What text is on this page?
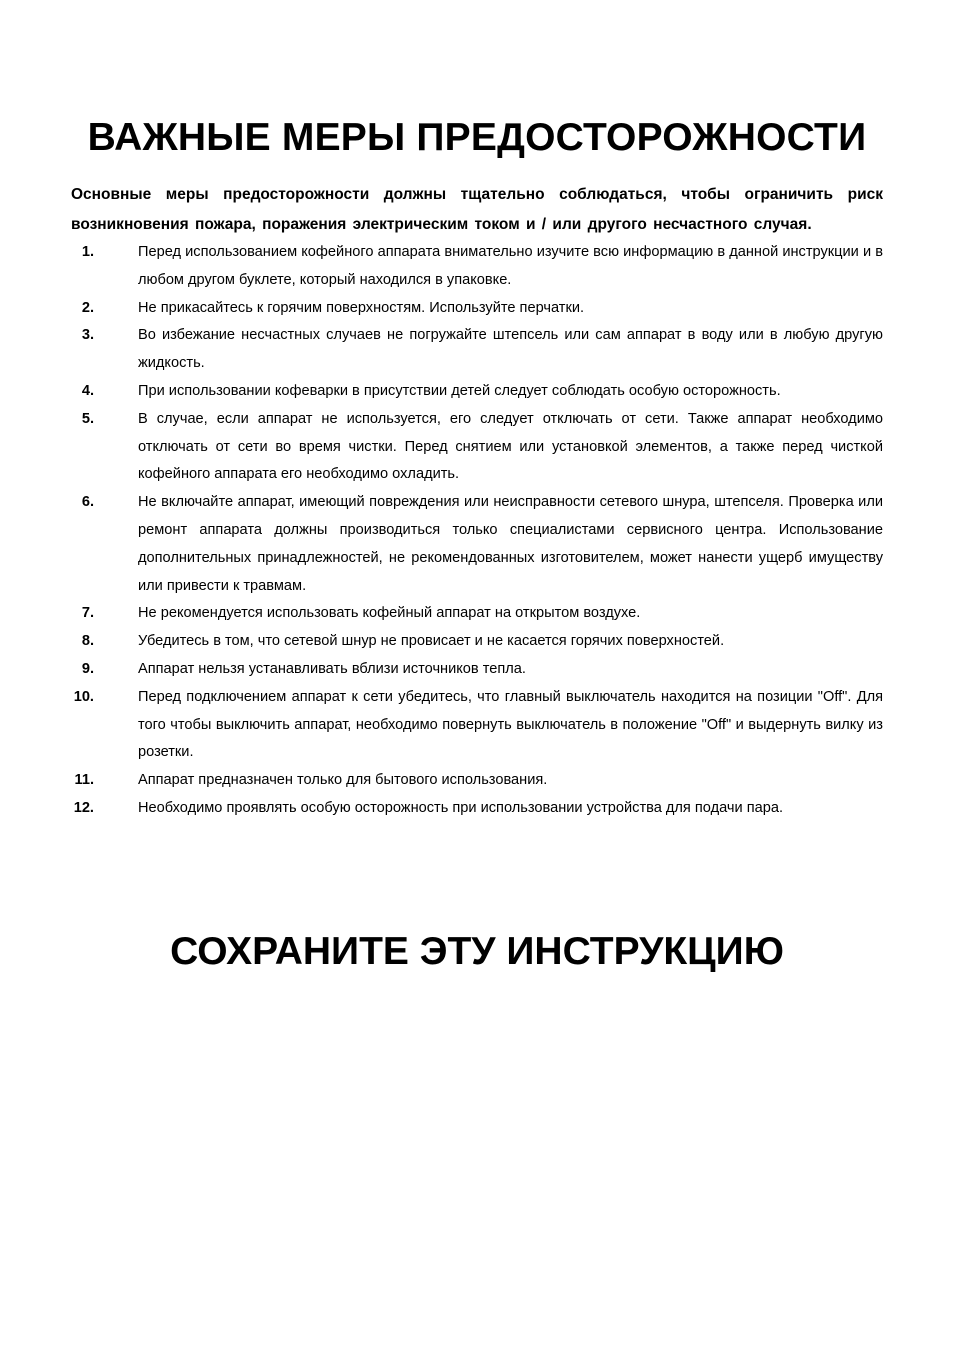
ВАЖНЫЕ МЕРЫ ПРЕДОСТОРОЖНОСТИ

Основные меры предосторожности должны тщательно соблюдаться, чтобы ограничить риск возникновения пожара, поражения электрическим током и / или другого несчастного случая.

1.	Перед использованием кофейного аппарата внимательно изучите всю информацию в данной инструкции и в любом другом буклете, который находился в упаковке.
2.	Не прикасайтесь к горячим поверхностям. Используйте перчатки.
3.	Во избежание несчастных случаев не погружайте штепсель или сам аппарат в воду или в любую другую жидкость.
4.	При использовании кофеварки в присутствии детей следует соблюдать особую осторожность.
5.	В случае, если аппарат не используется, его следует отключать от сети. Также аппарат необходимо отключать от сети во время чистки. Перед снятием или установкой элементов, а также перед чисткой кофейного аппарата его необходимо охладить.
6.	Не включайте аппарат, имеющий повреждения или неисправности сетевого шнура, штепселя. Проверка или ремонт аппарата должны производиться только специалистами сервисного центра. Использование дополнительных принадлежностей, не рекомендованных изготовителем, может нанести ущерб имуществу или привести к травмам.
7.	Не рекомендуется использовать кофейный аппарат на открытом воздухе.
8.	Убедитесь в том, что сетевой шнур не провисает и не касается горячих поверхностей.
9.	Аппарат нельзя устанавливать вблизи источников тепла.
10.	Перед подключением аппарат к сети убедитесь, что главный выключатель находится на позиции "Off". Для того чтобы выключить аппарат, необходимо повернуть выключатель в положение "Off" и выдернуть вилку из розетки.
11.	Аппарат предназначен только для бытового использования.
12.	Необходимо проявлять особую осторожность при использовании устройства для подачи пара.
СОХРАНИТЕ ЭТУ ИНСТРУКЦИЮ
